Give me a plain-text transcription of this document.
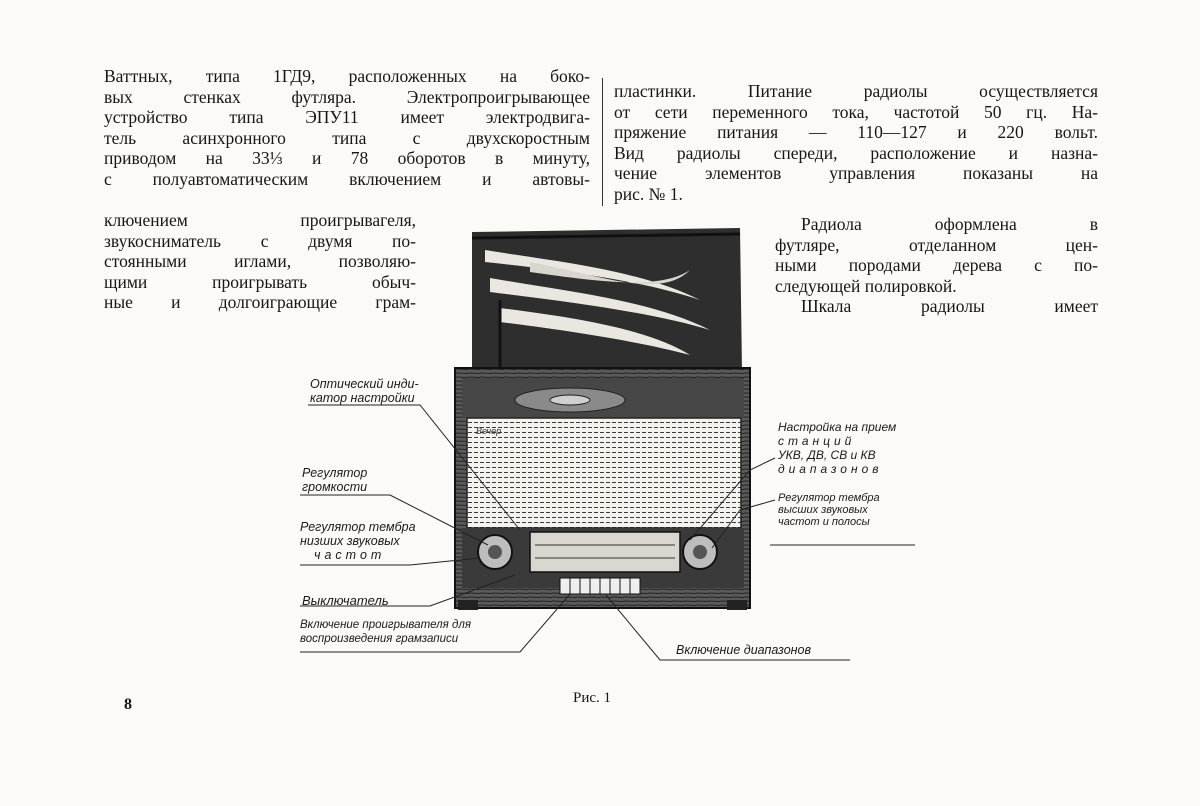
Ваттных, типа 1ГД9, расположенных на боко-
вых стенках футляра. Электропроигрывающее
устройство типа ЭПУ11 имеет электродвига-
тель асинхронного типа с двухскоростным
приводом на 33⅓ и 78 оборотов в минуту,
с полуавтоматическим включением и автовы-
ключением проигрывагеля,
звукосниматель с двумя по-
стоянными иглами, позволяю-
щими проигрывать обыч-
ные и долгоиграющие грам-
пластинки. Питание радиолы осуществляется
от сети переменного тока, частотой 50 гц. На-
пряжение питания — 110—127 и 220 вольт.
Вид радиолы спереди, расположение и назна-
чение элементов управления показаны на
рис. № 1.
Радиола оформлена в
футляре, отделанном цен-
ными породами дерева с по-
следующей полировкой.
Шкала радиолы имеет
Оптический инди-
катор настройки
Регулятор
громкости
Регулятор тембра
низших звуковых
частот
Выключатель
Включение проигрывателя для
воспроизведения грамзаписи
Настройка на прием
станций
УКВ, ДВ, СВ и КВ
диапазонов
Регулятор тембра
высших звуковых
частот и полосы
Включение диапазонов
Вечер
Рис. 1
8
